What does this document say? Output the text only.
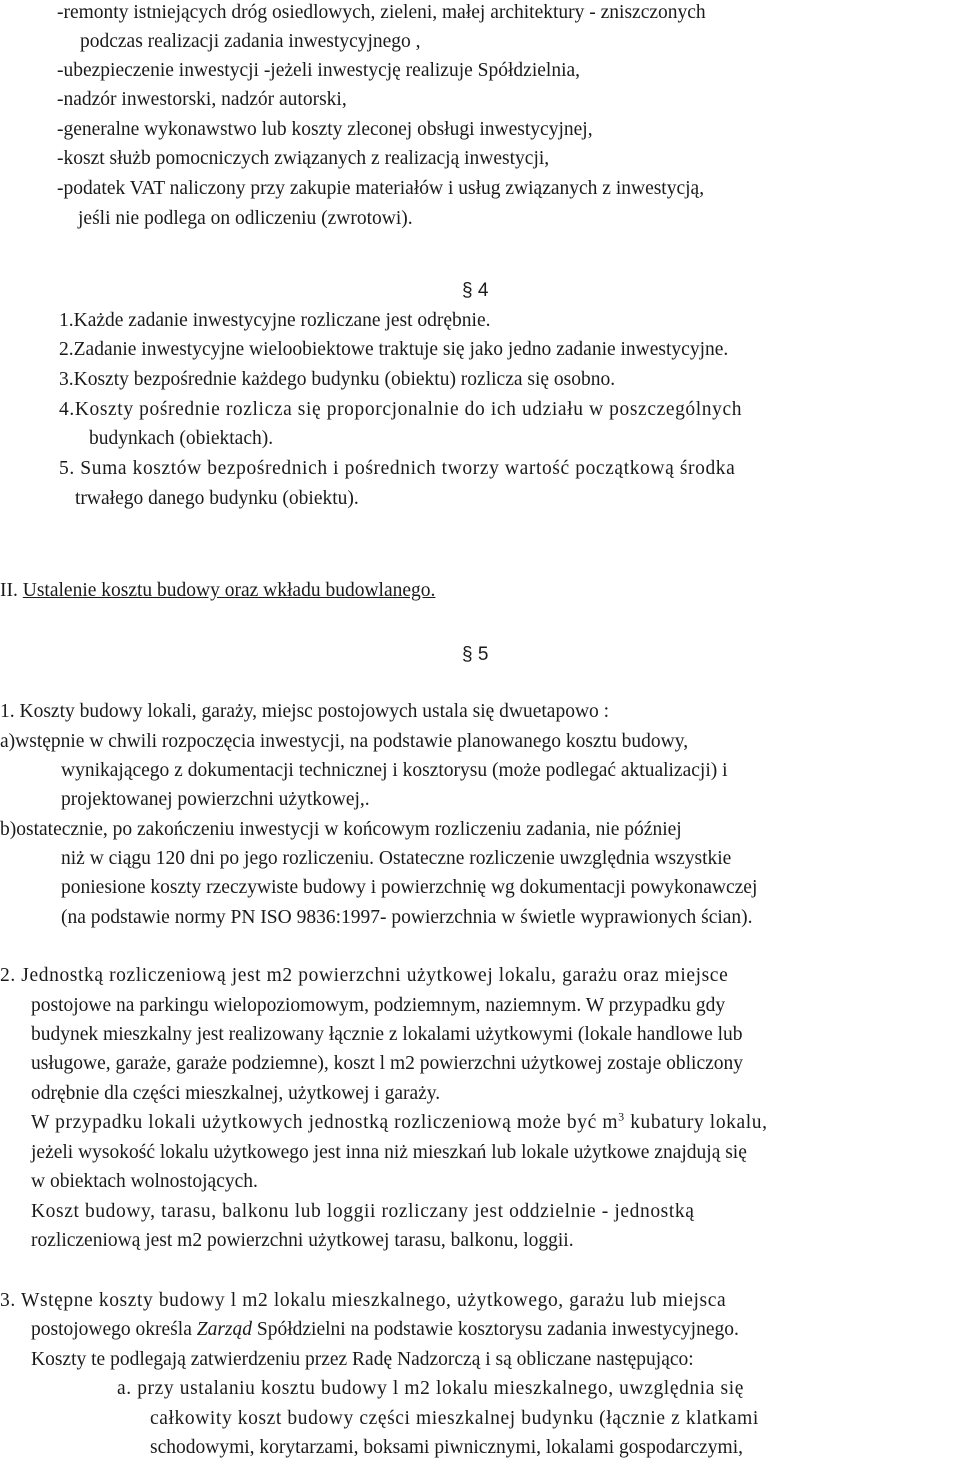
-remonty istniejących dróg osiedlowych, zieleni, małej architektury - zniszczonych
podczas realizacji zadania inwestycyjnego ,
-ubezpieczenie inwestycji -jeżeli inwestycję realizuje Spółdzielnia,
-nadzór inwestorski, nadzór autorski,
-generalne wykonawstwo lub koszty zleconej obsługi inwestycyjnej,
-koszt służb pomocniczych związanych z realizacją inwestycji,
-podatek VAT naliczony przy zakupie materiałów i usług związanych z inwestycją,
jeśli nie podlega on odliczeniu (zwrotowi).
§ 4
1.Każde zadanie inwestycyjne rozliczane jest odrębnie.
2.Zadanie inwestycyjne wieloobiektowe traktuje się jako jedno zadanie inwestycyjne.
3.Koszty bezpośrednie każdego budynku (obiektu) rozlicza się osobno.
4.Koszty pośrednie rozlicza się proporcjonalnie do ich udziału w poszczególnych
budynkach (obiektach).
5. Suma kosztów bezpośrednich i pośrednich tworzy wartość początkową środka
trwałego danego budynku (obiektu).
II. Ustalenie kosztu budowy oraz wkładu budowlanego.
§ 5
1. Koszty budowy lokali, garaży, miejsc postojowych ustala się dwuetapowo :
a)wstępnie w chwili rozpoczęcia inwestycji, na podstawie planowanego kosztu budowy,
wynikającego z dokumentacji technicznej i kosztorysu (może podlegać aktualizacji) i
projektowanej powierzchni użytkowej,.
b)ostatecznie, po zakończeniu inwestycji w końcowym rozliczeniu zadania, nie później
niż w ciągu 120 dni po jego rozliczeniu. Ostateczne rozliczenie uwzględnia wszystkie
poniesione koszty rzeczywiste budowy i powierzchnię wg dokumentacji powykonawczej
(na podstawie normy PN ISO 9836:1997- powierzchnia w świetle wyprawionych ścian).
2. Jednostką rozliczeniową jest m2 powierzchni użytkowej lokalu, garażu oraz miejsce
postojowe na parkingu wielopoziomowym, podziemnym, naziemnym. W przypadku gdy
budynek mieszkalny jest realizowany łącznie z lokalami użytkowymi (lokale handlowe lub
usługowe, garaże, garaże podziemne), koszt l m2 powierzchni użytkowej zostaje obliczony
odrębnie dla części mieszkalnej, użytkowej i garaży.
W przypadku lokali użytkowych jednostką rozliczeniową może być $m^3$ kubatury lokalu,
jeżeli wysokość lokalu użytkowego jest inna niż mieszkań lub lokale użytkowe znajdują się
w obiektach wolnostojących.
Koszt budowy, tarasu, balkonu lub loggii rozliczany jest oddzielnie - jednostką
rozliczeniową jest m2 powierzchni użytkowej tarasu, balkonu, loggii.
3. Wstępne koszty budowy l m2 lokalu mieszkalnego, użytkowego, garażu lub miejsca
postojowego określa Zarząd Spółdzielni na podstawie kosztorysu zadania inwestycyjnego.
Koszty te podlegają zatwierdzeniu przez Radę Nadzorczą i są obliczane następująco:
a. przy ustalaniu kosztu budowy l m2 lokalu mieszkalnego, uwzględnia się
całkowity koszt budowy części mieszkalnej budynku (łącznie z klatkami
schodowymi, korytarzami, boksami piwnicznymi, lokalami gospodarczymi,
